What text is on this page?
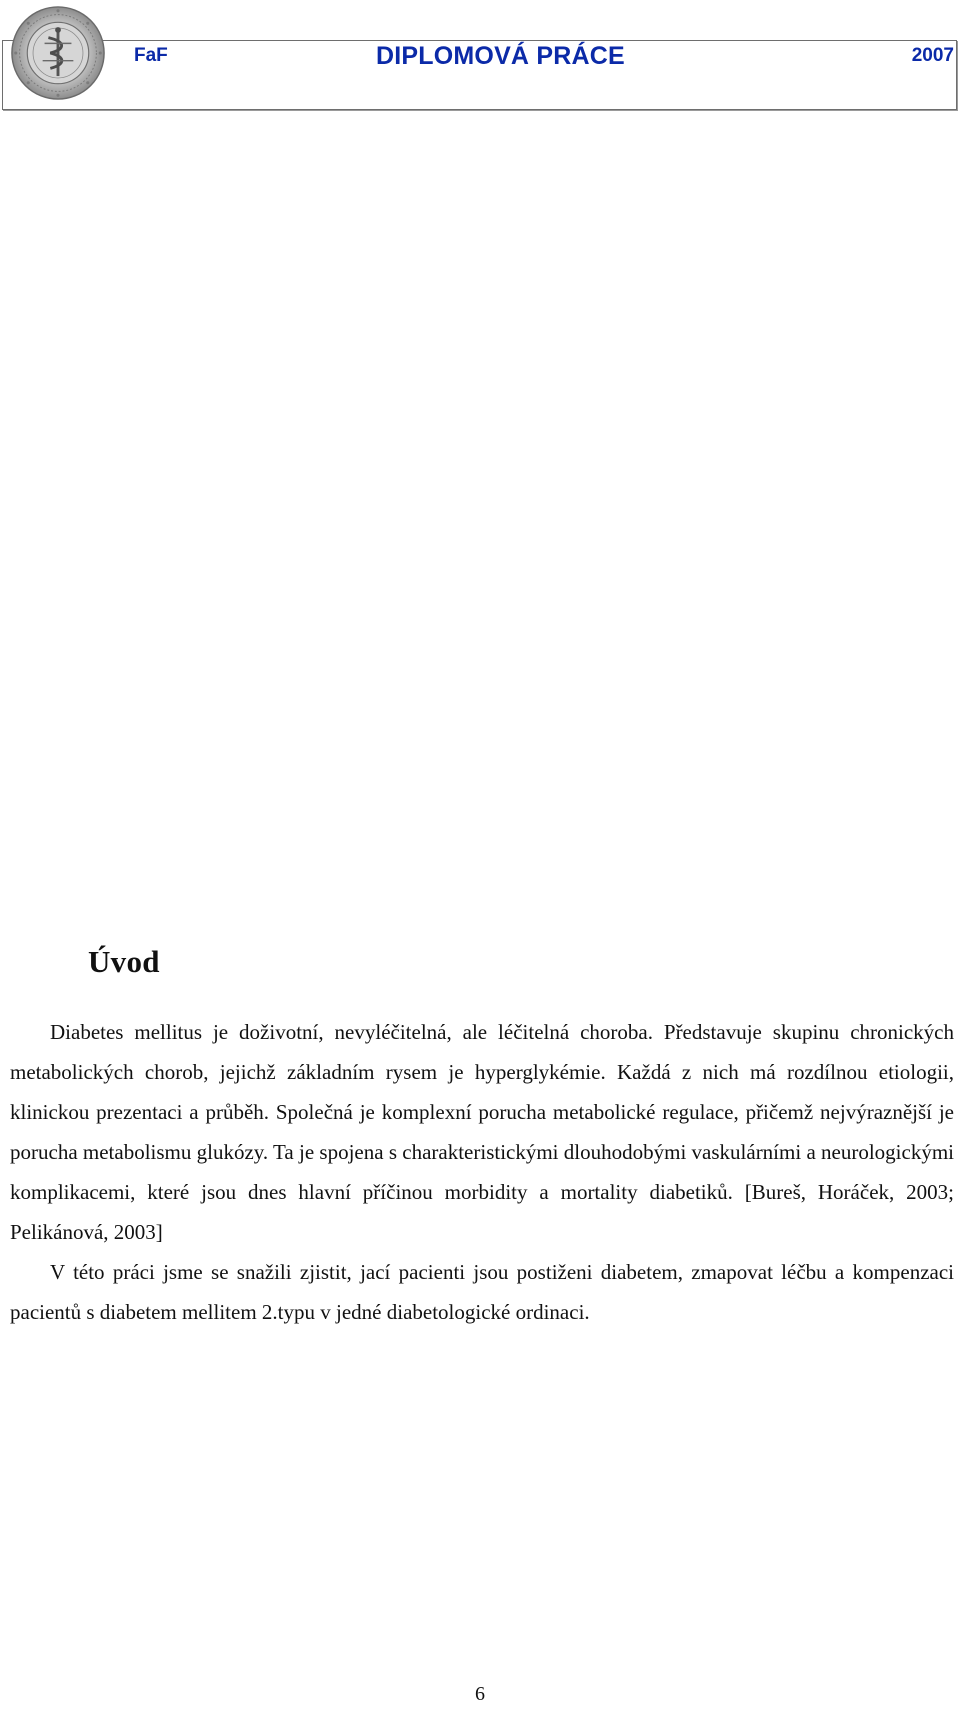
FaF	DIPLOMOVÁ PRÁCE	2007
Úvod

Diabetes mellitus je doživotní, nevyléčitelná, ale léčitelná choroba. Představuje skupinu chronických metabolických chorob, jejichž základním rysem je hyperglykémie. Každá z nich má rozdílnou etiologii, klinickou prezentaci a průběh. Společná je komplexní porucha metabolické regulace, přičemž nejvýraznější je porucha metabolismu glukózy. Ta je spojena s charakteristickými dlouhodobými vaskulárními a neurologickými komplikacemi, které jsou dnes hlavní příčinou morbidity a mortality diabetiků. [Bureš, Horáček, 2003; Pelikánová, 2003]

V této práci jsme se snažili zjistit, jací pacienti jsou postiženi diabetem, zmapovat léčbu a kompenzaci pacientů s diabetem mellitem 2.typu v jedné diabetologické ordinaci.

6
